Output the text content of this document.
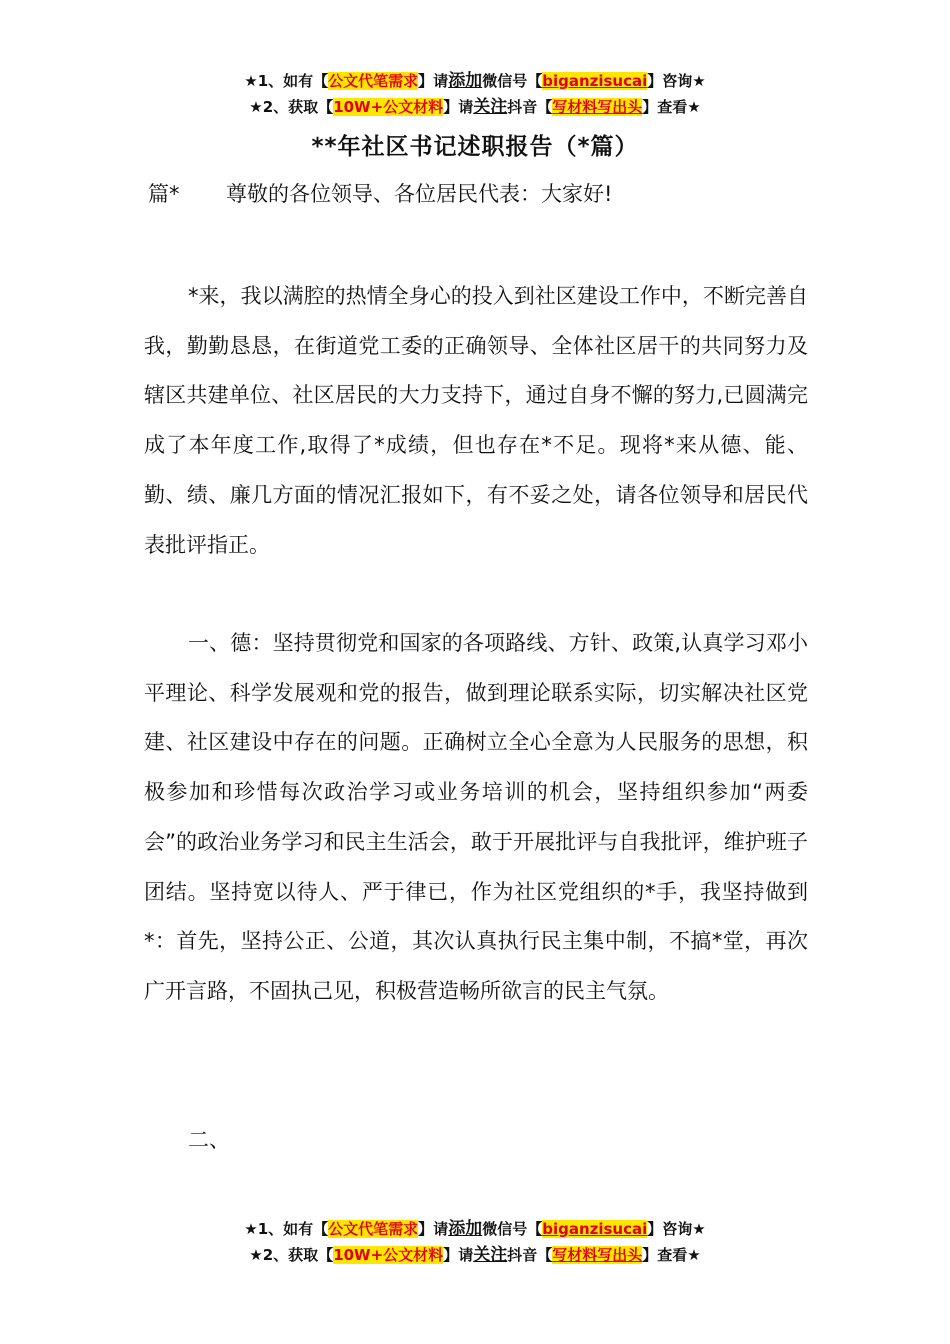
★1、如有【公文代笔需求】请添加微信号【biganzisucai】咨询★
★2、获取【10W+公文材料】请关注抖音【写材料写出头】查看★
**年社区书记述职报告（*篇）
篇* 尊敬的各位领导、各位居民代表：大家好!

*来，我以满腔的热情全身心的投入到社区建设工作中，不断完善自我，勤勤恳恳，在街道党工委的正确领导、全体社区居干的共同努力及辖区共建单位、社区居民的大力支持下，通过自身不懈的努力,已圆满完成了本年度工作,取得了*成绩，但也存在*不足。现将*来从德、能、勤、绩、廉几方面的情况汇报如下，有不妥之处，请各位领导和居民代表批评指正。

一、德：坚持贯彻党和国家的各项路线、方针、政策,认真学习邓小平理论、科学发展观和党的报告，做到理论联系实际，切实解决社区党建、社区建设中存在的问题。正确树立全心全意为人民服务的思想，积极参加和珍惜每次政治学习或业务培训的机会，坚持组织参加“两委会”的政治业务学习和民主生活会，敢于开展批评与自我批评，维护班子团结。坚持宽以待人、严于律已，作为社区党组织的*手，我坚持做到*：首先，坚持公正、公道，其次认真执行民主集中制，不搞*堂，再次广开言路，不固执己见，积极营造畅所欲言的民主气氛。

二、

★1、如有【公文代笔需求】请添加微信号【biganzisucai】咨询★
★2、获取【10W+公文材料】请关注抖音【写材料写出头】查看★
